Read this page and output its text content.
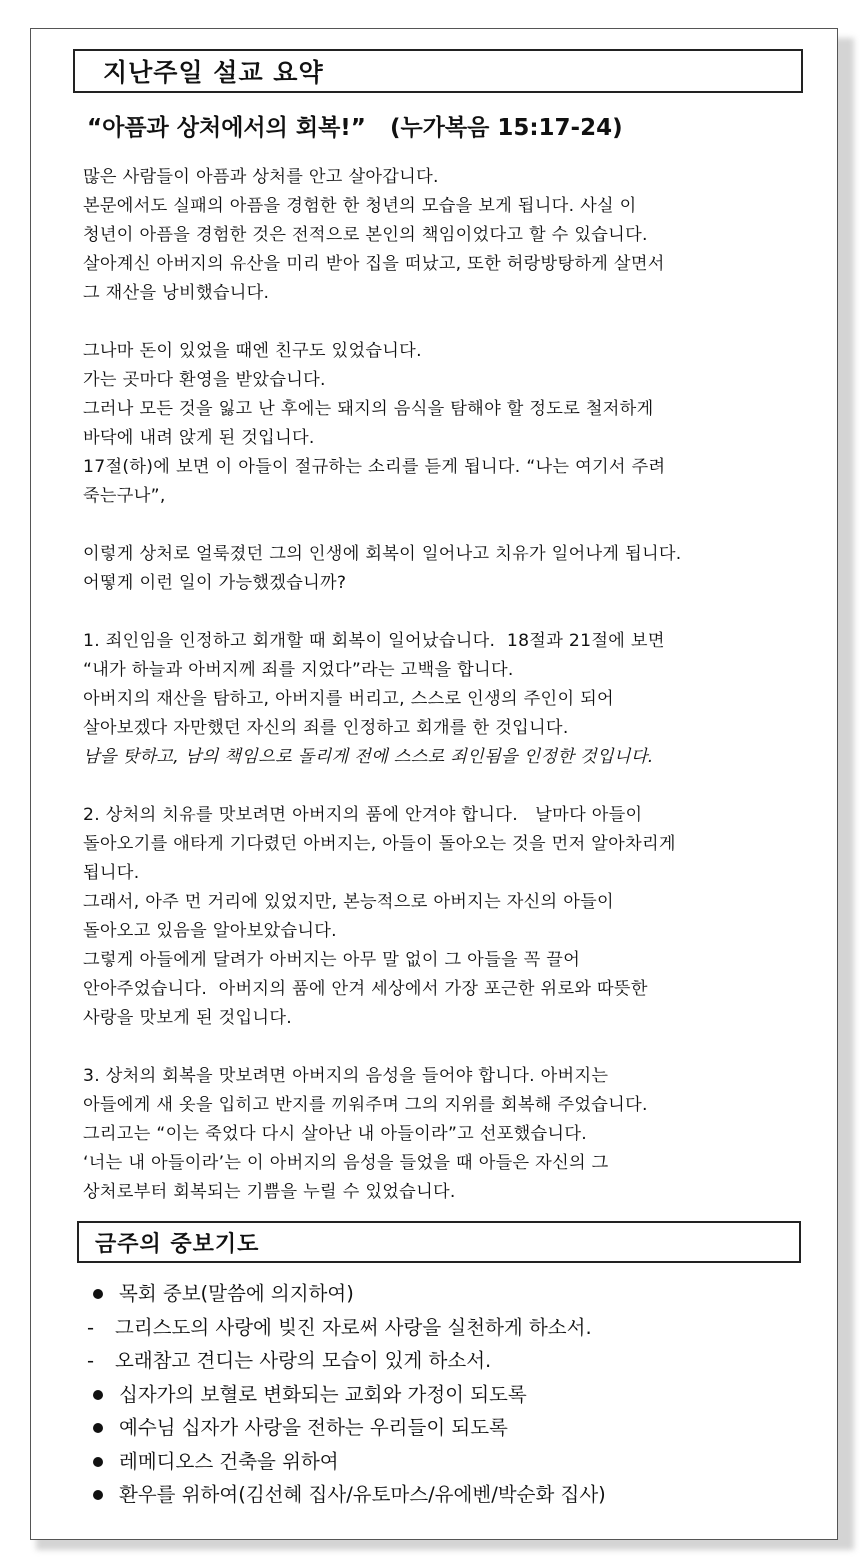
지난주일 설교 요약
“아픔과 상처에서의 회복!”   (누가복음 15:17-24)
많은 사람들이 아픔과 상처를 안고 살아갑니다.
본문에서도 실패의 아픔을 경험한 한 청년의 모습을 보게 됩니다. 사실 이
청년이 아픔을 경험한 것은 전적으로 본인의 책임이었다고 할 수 있습니다.
살아계신 아버지의 유산을 미리 받아 집을 떠났고, 또한 허랑방탕하게 살면서
그 재산을 낭비했습니다.
그나마 돈이 있었을 때엔 친구도 있었습니다.
가는 곳마다 환영을 받았습니다.
그러나 모든 것을 잃고 난 후에는 돼지의 음식을 탐해야 할 정도로 철저하게
바닥에 내려 앉게 된 것입니다.
17절(하)에 보면 이 아들이 절규하는 소리를 듣게 됩니다. “나는 여기서 주려
죽는구나”,
이렇게 상처로 얼룩졌던 그의 인생에 회복이 일어나고 치유가 일어나게 됩니다.
어떻게 이런 일이 가능했겠습니까?
1. 죄인임을 인정하고 회개할 때 회복이 일어났습니다.  18절과 21절에 보면
“내가 하늘과 아버지께 죄를 지었다”라는 고백을 합니다.
아버지의 재산을 탐하고, 아버지를 버리고, 스스로 인생의 주인이 되어
살아보겠다 자만했던 자신의 죄를 인정하고 회개를 한 것입니다.
남을 탓하고, 남의 책임으로 돌리게 전에 스스로 죄인됨을 인정한 것입니다.
2. 상처의 치유를 맛보려면 아버지의 품에 안겨야 합니다.   날마다 아들이
돌아오기를 애타게 기다렸던 아버지는, 아들이 돌아오는 것을 먼저 알아차리게
됩니다.
그래서, 아주 먼 거리에 있었지만, 본능적으로 아버지는 자신의 아들이
돌아오고 있음을 알아보았습니다.
그렇게 아들에게 달려가 아버지는 아무 말 없이 그 아들을 꼭 끌어
안아주었습니다.  아버지의 품에 안겨 세상에서 가장 포근한 위로와 따뜻한
사랑을 맛보게 된 것입니다.
3. 상처의 회복을 맛보려면 아버지의 음성을 들어야 합니다. 아버지는
아들에게 새 옷을 입히고 반지를 끼워주며 그의 지위를 회복해 주었습니다.
그리고는 “이는 죽었다 다시 살아난 내 아들이라”고 선포했습니다.
‘너는 내 아들이라’는 이 아버지의 음성을 들었을 때 아들은 자신의 그
상처로부터 회복되는 기쁨을 누릴 수 있었습니다.
금주의 중보기도
목회 중보(말씀에 의지하여)
-	그리스도의 사랑에 빚진 자로써 사랑을 실천하게 하소서.
-	오래참고 견디는 사랑의 모습이 있게 하소서.
십자가의 보혈로 변화되는 교회와 가정이 되도록
예수님 십자가 사랑을 전하는 우리들이 되도록
레메디오스 건축을 위하여
환우를 위하여(김선혜 집사/유토마스/유에벤/박순화 집사)
